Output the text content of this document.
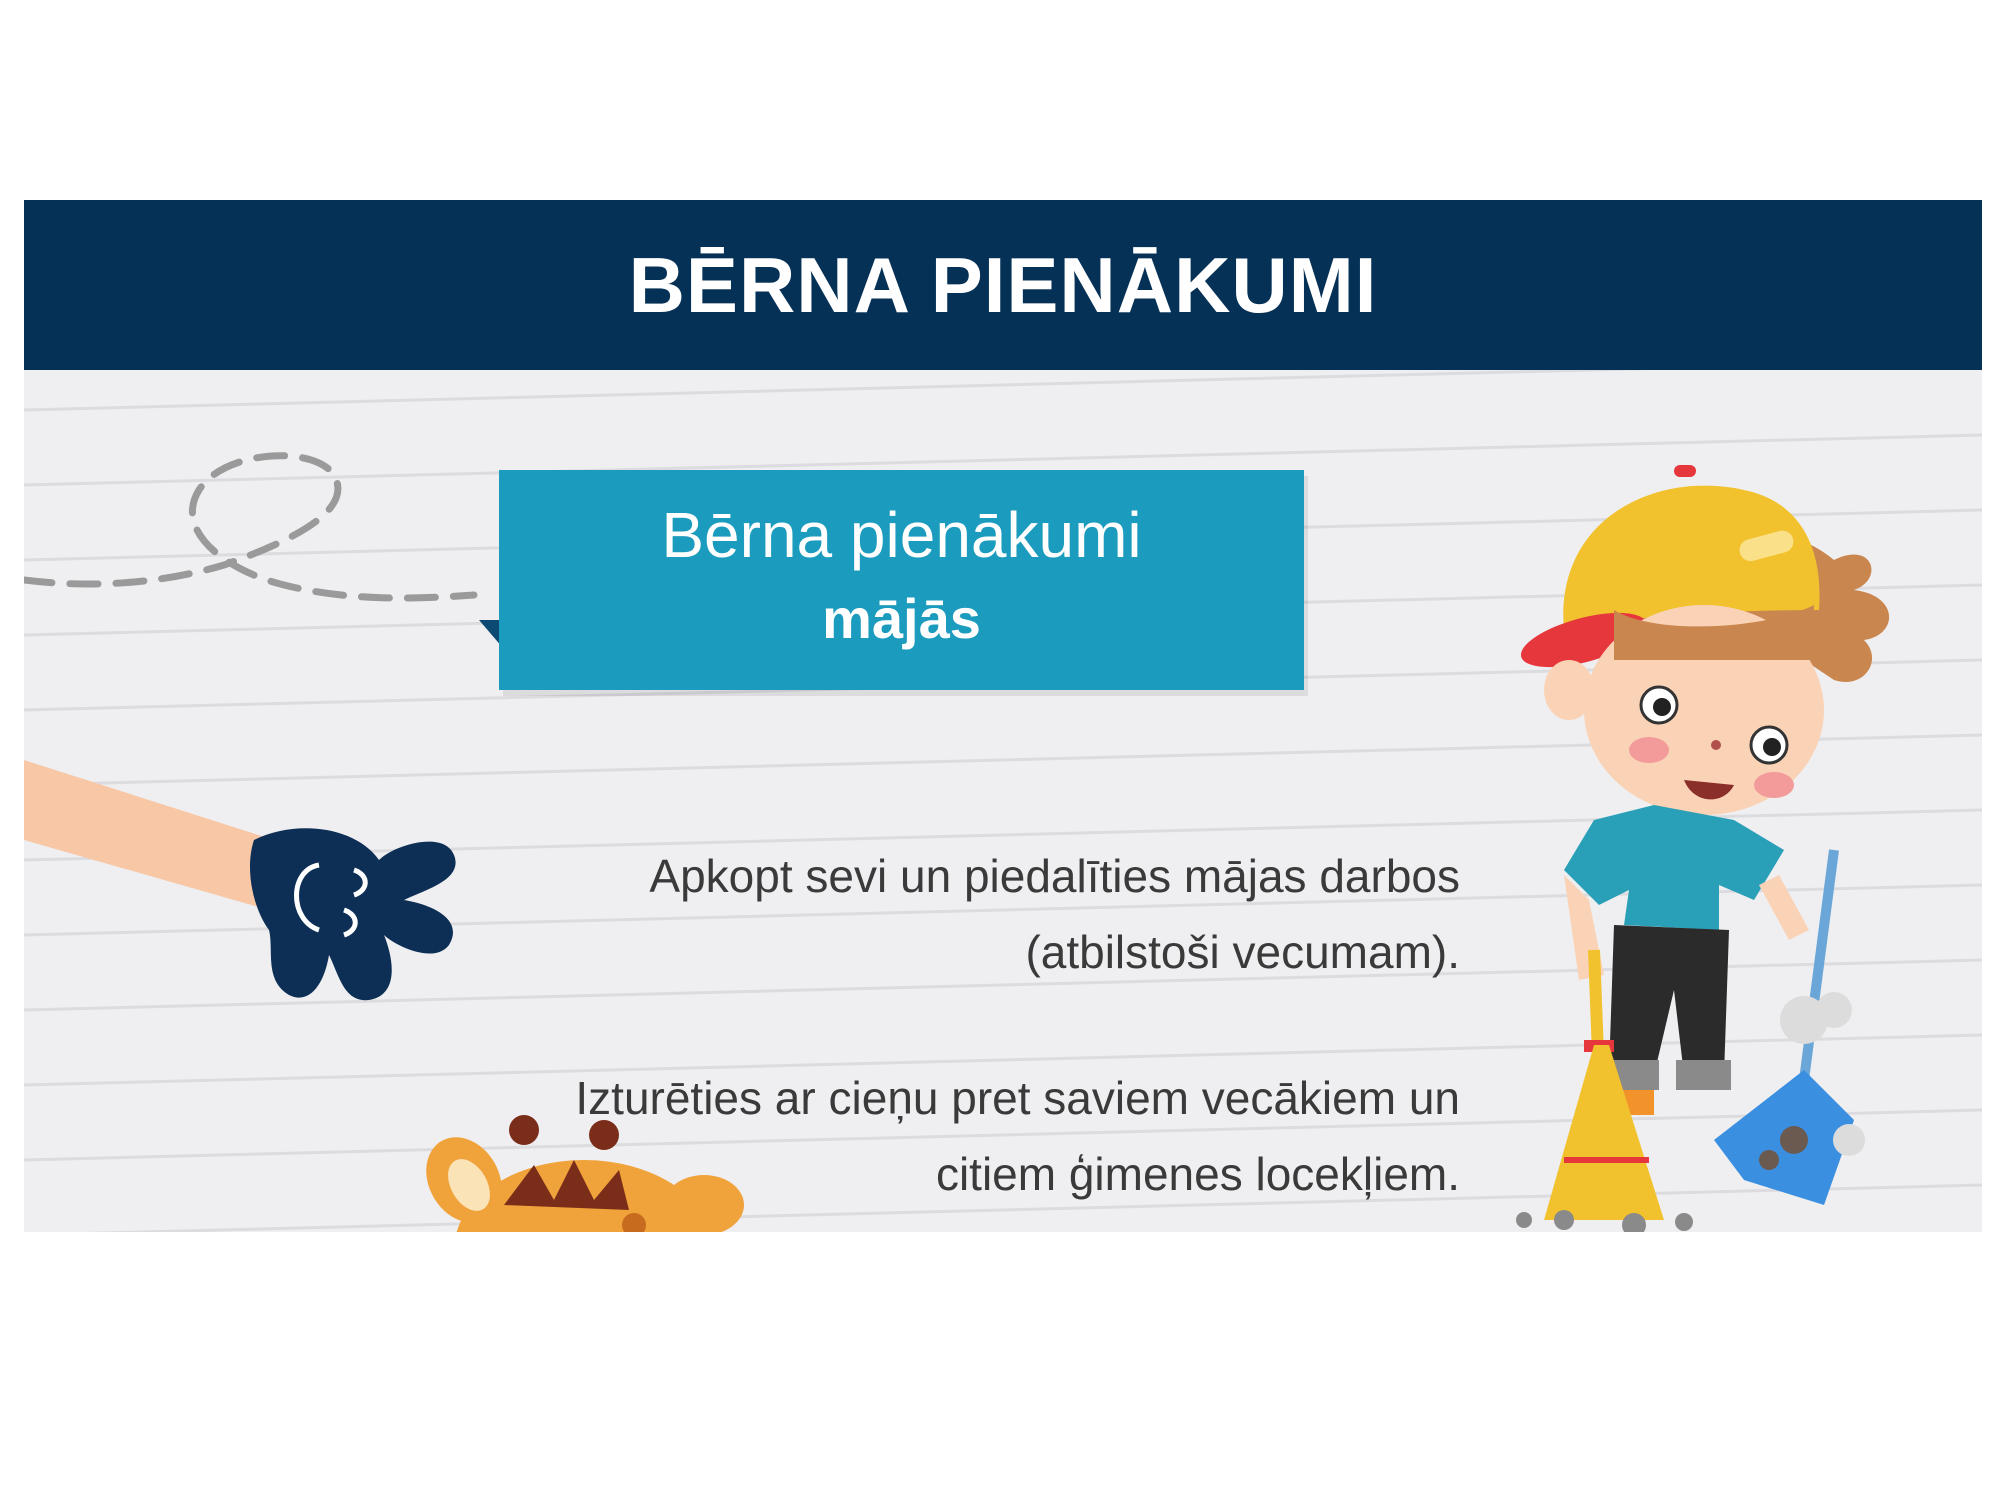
BĒRNA PIENĀKUMI
Bērna pienākumi
mājās
Apkopt sevi un piedalīties mājas darbos
(atbilstoši vecumam).
Izturēties ar cieņu pret saviem vecākiem un
citiem ģimenes locekļiem.
